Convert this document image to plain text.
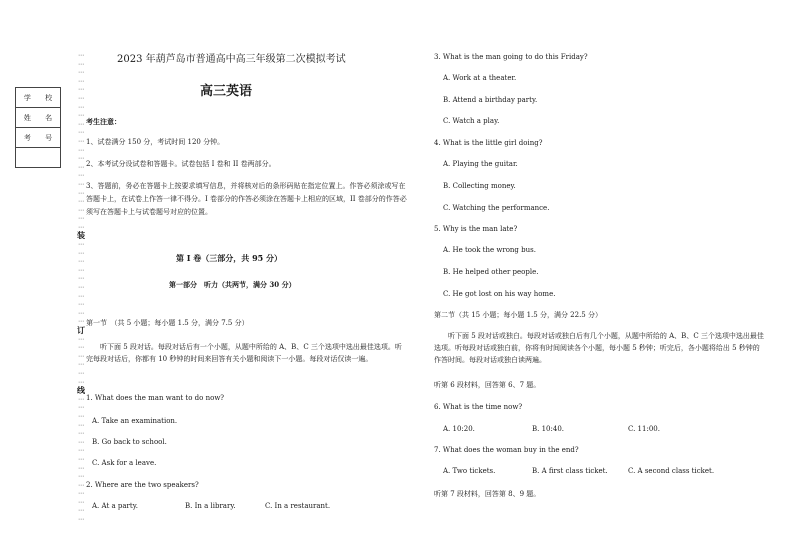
学 校
姓 名
考 号

⋯
⋯
⋯
⋯
⋯
⋯
⋯
⋯
⋯
⋯
⋯
⋯
⋯
⋯
⋯
⋯
⋯
⋯
⋯
⋯
⋯
装
⋯
⋯
⋯
⋯
⋯
⋯
⋯
⋯
⋯
⋯
订
⋯
⋯
⋯
⋯
⋯
⋯
线
⋯
⋯
⋯
⋯
⋯
⋯
⋯
⋯
⋯
⋯
⋯
⋯
⋯
⋯
⋯
2023 年葫芦岛市普通高中高三年级第二次模拟考试
高三英语
考生注意：
1、试卷满分 150 分，考试时间 120 分钟。
2、本考试分设试卷和答题卡。试卷包括 I 卷和 II 卷两部分。
3、答题前，务必在答题卡上按要求填写信息，并将核对后的条形码贴在指定位置上。作答必须涂或写在答题卡上，在试卷上作答一律不得分。I 卷部分的作答必须涂在答题卡上相应的区域，II 卷部分的作答必须写在答题卡上与试卷题号对应的位置。
第 I 卷（三部分，共 95 分）
第一部分　听力（共两节，满分 30 分）
第一节　（共 5 小题；每小题 1.5 分，满分 7.5 分）
听下面 5 段对话。每段对话后有一个小题，从题中所给的 A、B、C 三个选项中选出最佳选项。听完每段对话后，你都有 10 秒钟的时间来回答有关小题和阅读下一小题。每段对话仅读一遍。
1. What does the man want to do now?
A. Take an examination.
B. Go back to school.
C. Ask for a leave.
2. Where are the two speakers?
A. At a party.	B. In a library.	C. In a restaurant.
3. What is the man going to do this Friday?
A. Work at a theater.
B. Attend a birthday party.
C. Watch a play.
4. What is the little girl doing?
A. Playing the guitar.
B. Collecting money.
C. Watching the performance.
5. Why is the man late?
A. He took the wrong bus.
B. He helped other people.
C. He got lost on his way home.
第二节（共 15 小题；每小题 1.5 分，满分 22.5 分）
听下面 5 段对话或独白。每段对话或独白后有几个小题，从题中所给的 A、B、C 三个选项中选出最佳选项。听每段对话或独白前，你将有时间阅读各个小题，每小题 5 秒钟；听完后，各小题将给出 5 秒钟的作答时间。每段对话或独白读两遍。
听第 6 段材料，回答第 6、7 题。
6. What is the time now?
A. 10:20.	B. 10:40.	C. 11:00.
7. What does the woman buy in the end?
A. Two tickets.	B. A first class ticket.	C. A second class ticket.
听第 7 段材料，回答第 8、9 题。
